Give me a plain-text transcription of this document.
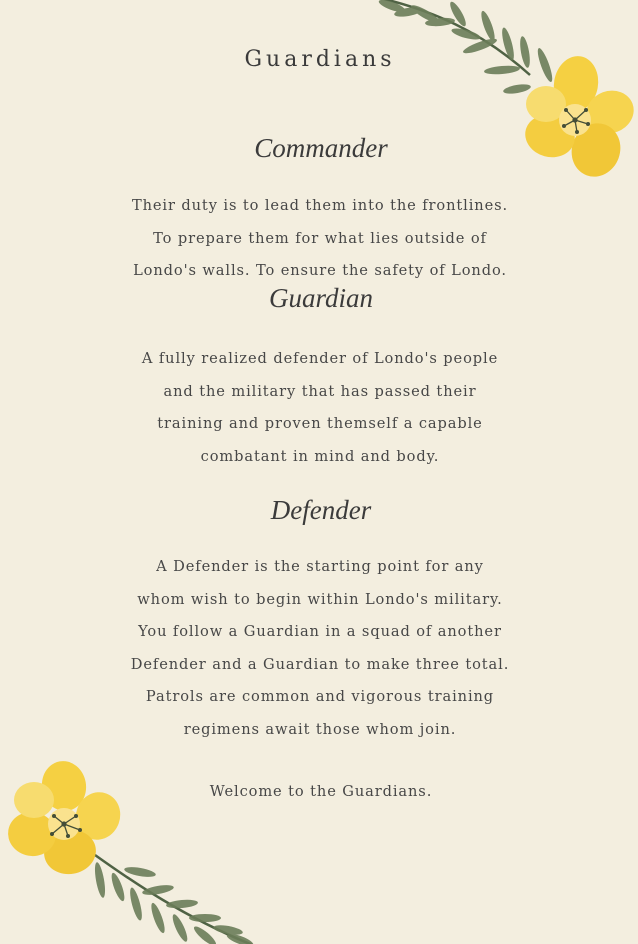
Guardians
Commander
Their duty is to lead them into the frontlines.
To prepare them for what lies outside of
Londo's walls. To ensure the safety of Londo.
Guardian
A fully realized defender of Londo's people
and the military that has passed their
training and proven themself a capable
combatant in mind and body.
Defender
A Defender is the starting point for any
whom wish to begin within Londo's military.
You follow a Guardian in a squad of another
Defender and a Guardian to make three total.
Patrols are common and vigorous training
regimens await those whom join.
Welcome to the Guardians.
